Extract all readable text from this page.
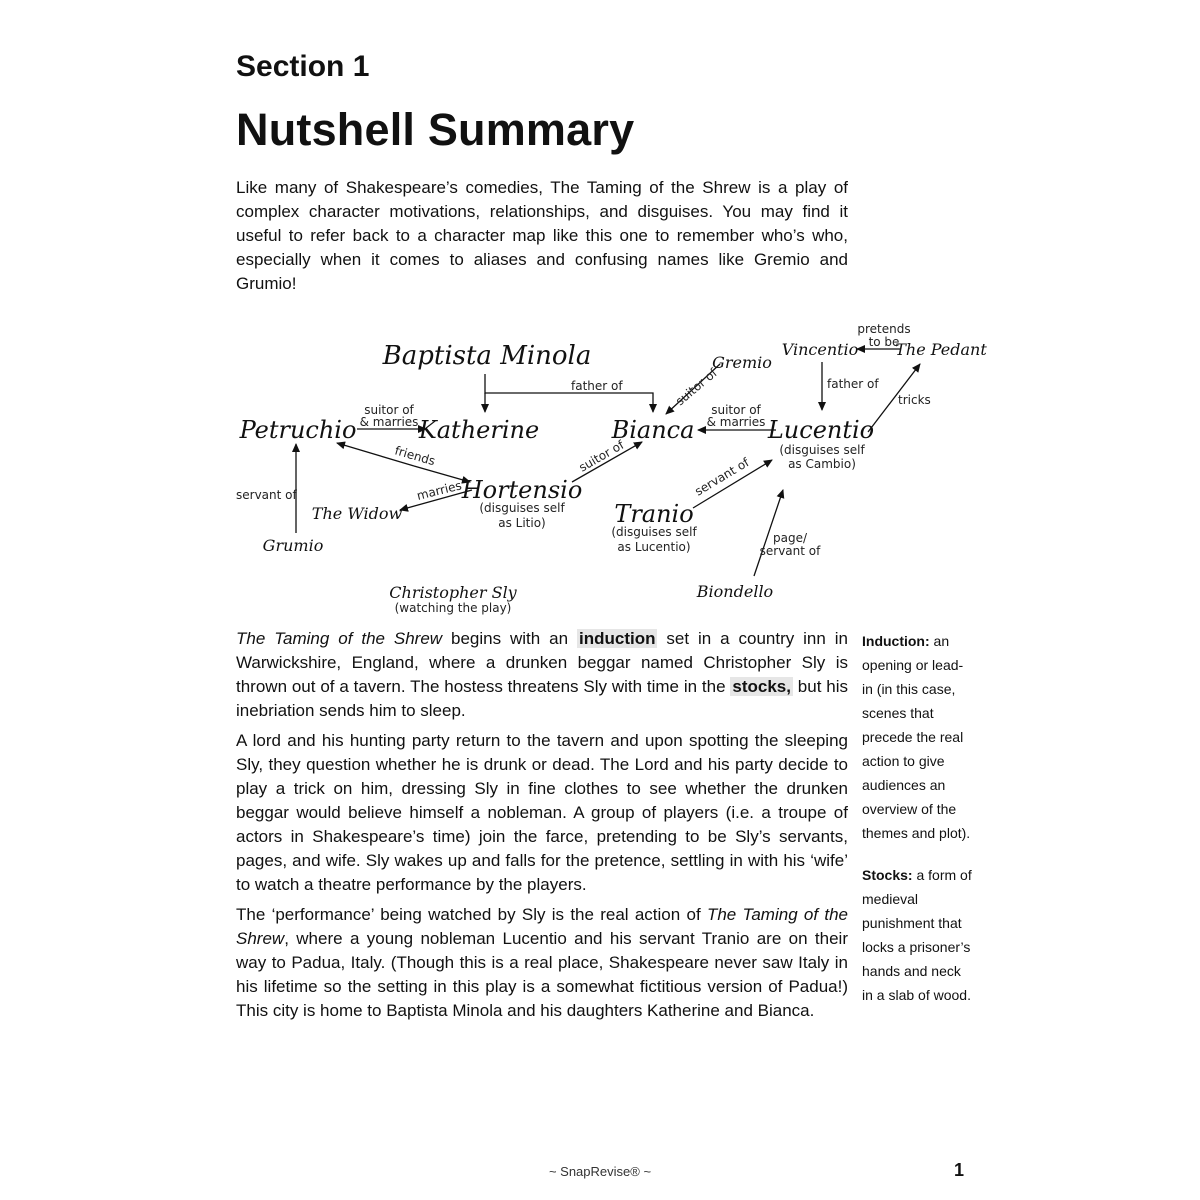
Section 1
Nutshell Summary

Like many of Shakespeare’s comedies, The Taming of the Shrew is a play of complex character motivations, relationships, and disguises. You may find it useful to refer back to a character map like this one to remember who’s who, especially when it comes to aliases and confusing names like Gremio and Grumio!

Baptista Minola	Gremio
Vincentio The Pedant
Petruchio	Katherine	Bianca	Lucentio
Hortensio
The Widow	Tranio
Grumio
Christopher Sly	Biondello
pretends
to be
father of	father of
tricks
suitor of
& marries
suitor of
& marries
suitor of
suitor of
friends
marries
servant of	servant of
page/
servant of
(disguises self
as Cambio)
(disguises self
as Litio)
(disguises self
as Lucentio)
(watching the play)

The Taming of the Shrew begins with an induction set in a country inn in Warwickshire, England, where a drunken beggar named Christopher Sly is thrown out of a tavern. The hostess threatens Sly with time in the stocks, but his inebriation sends him to sleep.

A lord and his hunting party return to the tavern and upon spotting the sleeping Sly, they question whether he is drunk or dead. The Lord and his party decide to play a trick on him, dressing Sly in fine clothes to see whether the drunken beggar would believe himself a nobleman. A group of players (i.e. a troupe of actors in Shakespeare’s time) join the farce, pretending to be Sly’s servants, pages, and wife. Sly wakes up and falls for the pretence, settling in with his ‘wife’ to watch a theatre performance by the players.

The ‘performance’ being watched by Sly is the real action of The Taming of the Shrew, where a young nobleman Lucentio and his servant Tranio are on their way to Padua, Italy. (Though this is a real place, Shakespeare never saw Italy in his lifetime so the setting in this play is a somewhat fictitious version of Padua!) This city is home to Baptista Minola and his daughters Katherine and Bianca.

Induction: an opening or lead-in (in this case, scenes that precede the real action to give audiences an overview of the themes and plot).

Stocks: a form of medieval punishment that locks a prisoner’s hands and neck in a slab of wood.

~ SnapRevise® ~	1
